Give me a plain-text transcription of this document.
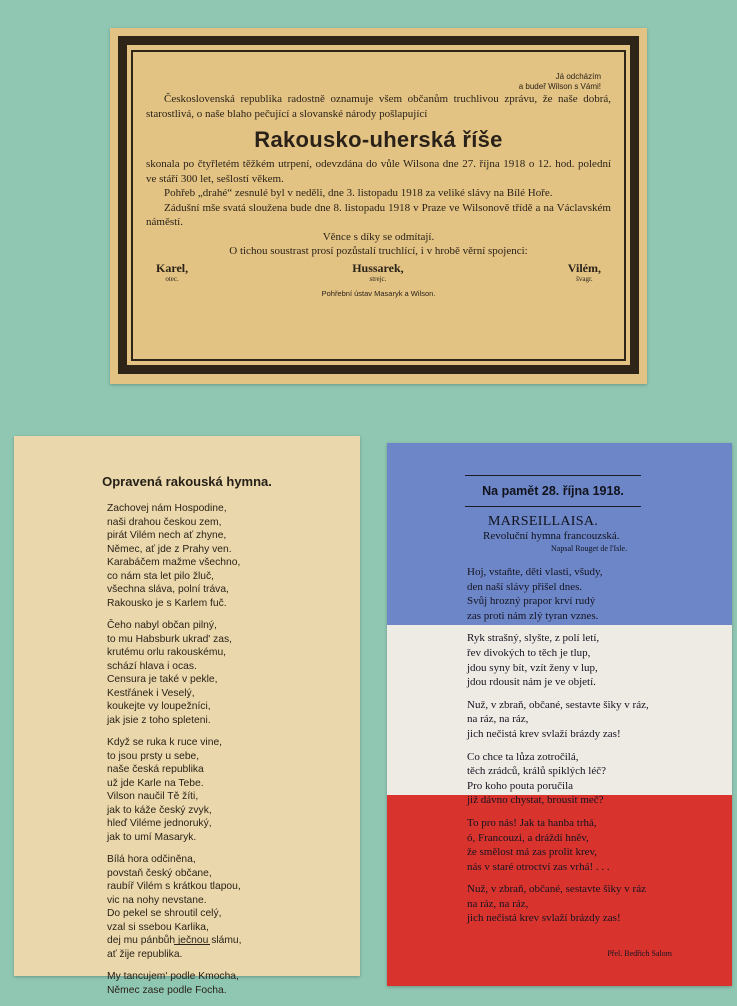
Já odcházím
a budeř Wilson s Vámi!

Československá republika radostně oznamuje všem občanům truchlivou zprávu, že naše dobrá, starostlivá, o naše blaho pečující a slovanské národy pošlapující

Rakousko-uherská říše

skonala po čtyřletém těžkém utrpení, odevzdána do vůle Wilsona dne 27. října 1918 o 12. hod. polední ve stáří 300 let, sešlostí věkem.

Pohřeb „drahé“ zesnulé byl v neděli, dne 3. listopadu 1918 za veliké slávy na Bílé Hoře.

Zádušní mše svatá sloužena bude dne 8. listopadu 1918 v Praze ve Wilsonově třídě a na Václavském náměstí.

Věnce s díky se odmítají.

O tichou soustrast prosí pozůstalí truchlící, i v hrobě věrní spojenci:

Karel,
otec.
Hussarek,
strejc.
Vilém,
švagr.
Pohřební ústav Masaryk a Wilson.
Opravená rakouská hymna.
Zachovej nám Hospodine,
naši drahou českou zem,
pirát Vilém nech ať zhyne,
Němec, ať jde z Prahy ven.
Karabáčem mažme všechno,
co nám sta let pilo žluč,
všechna sláva, polní tráva,
Rakousko je s Karlem fuč.
Čeho nabyl občan pilný,
to mu Habsburk ukrad' zas,
krutému orlu rakouskému,
schází hlava i ocas.
Censura je také v pekle,
Kestřánek i Veselý,
koukejte vy loupežníci,
jak jsie z toho spleteni.
Když se ruka k ruce vine,
to jsou prsty u sebe,
naše česká republika
už jde Karle na Tebe.
Vilson naučil Tě žíti,
jak to káže český zvyk,
hleď Viléme jednoruký,
jak to umí Masaryk.
Bílá hora odčiněna,
povstaň český občane,
raubíř Vilém s krátkou tlapou,
vic na nohy nevstane.
Do pekel se shroutil celý,
vzal si ssebou Karlika,
dej mu pánbůh ječnou slámu,
ať žije republika.
My tancujem' podle Kmocha,
Němec zase podle Focha.
Na pamět 28. října 1918.
MARSEILLAISA.
Revoluční hymna francouzská.
Napsal Rouget de l'Isle.
Hoj, vstaňte, děti vlasti, všudy,
den naší slávy přišel dnes.
Svůj hrozný prapor krví rudý
zas proti nám zlý tyran vznes.
Ryk strašný, slyšte, z polí letí,
řev divokých to těch je tlup,
jdou syny bít, vzít ženy v lup,
jdou rdousit nám je ve objetí.
Nuž, v zbraň, občané, sestavte šiky v ráz,
na ráz, na ráz,
jich nečistá krev svlaží brázdy zas!
Co chce ta lůza zotročilá,
těch zrádců, králů spiklých léč?
Pro koho pouta poručila
již dávno chystat, brousit meč?
To pro nás! Jak ta hanba trhá,
ó, Francouzi, a dráždí hněv,
že smělost má zas prolit krev,
nás v staré otroctví zas vrhá! . . .
Nuž, v zbraň, občané, sestavte šiky v ráz
na ráz, na ráz,
jich nečistá krev svlaží brázdy zas!
Přel. Bedřich Salom
